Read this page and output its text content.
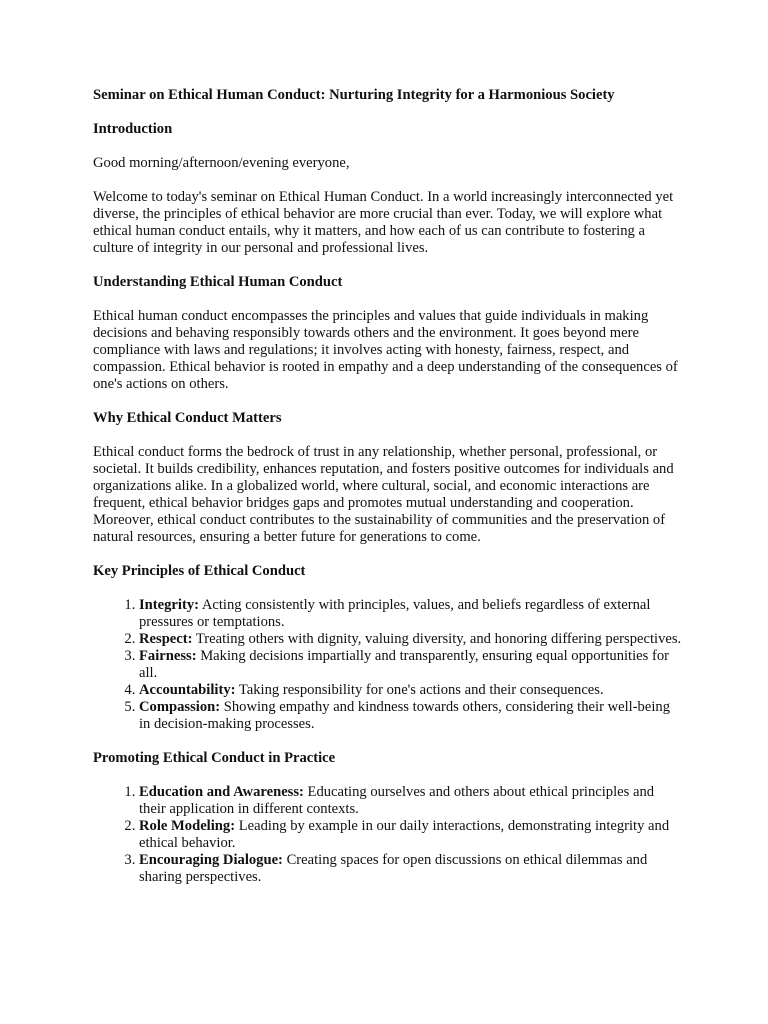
Seminar on Ethical Human Conduct: Nurturing Integrity for a Harmonious Society
Introduction

Good morning/afternoon/evening everyone,

Welcome to today's seminar on Ethical Human Conduct. In a world increasingly interconnected yet diverse, the principles of ethical behavior are more crucial than ever. Today, we will explore what ethical human conduct entails, why it matters, and how each of us can contribute to fostering a culture of integrity in our personal and professional lives.

Understanding Ethical Human Conduct

Ethical human conduct encompasses the principles and values that guide individuals in making decisions and behaving responsibly towards others and the environment. It goes beyond mere compliance with laws and regulations; it involves acting with honesty, fairness, respect, and compassion. Ethical behavior is rooted in empathy and a deep understanding of the consequences of one's actions on others.

Why Ethical Conduct Matters

Ethical conduct forms the bedrock of trust in any relationship, whether personal, professional, or societal. It builds credibility, enhances reputation, and fosters positive outcomes for individuals and organizations alike. In a globalized world, where cultural, social, and economic interactions are frequent, ethical behavior bridges gaps and promotes mutual understanding and cooperation. Moreover, ethical conduct contributes to the sustainability of communities and the preservation of natural resources, ensuring a better future for generations to come.

Key Principles of Ethical Conduct
1. Integrity: Acting consistently with principles, values, and beliefs regardless of external pressures or temptations.
2. Respect: Treating others with dignity, valuing diversity, and honoring differing perspectives.
3. Fairness: Making decisions impartially and transparently, ensuring equal opportunities for all.
4. Accountability: Taking responsibility for one's actions and their consequences.
5. Compassion: Showing empathy and kindness towards others, considering their well-being in decision-making processes.
Promoting Ethical Conduct in Practice
1. Education and Awareness: Educating ourselves and others about ethical principles and their application in different contexts.
2. Role Modeling: Leading by example in our daily interactions, demonstrating integrity and ethical behavior.
3. Encouraging Dialogue: Creating spaces for open discussions on ethical dilemmas and sharing perspectives.
